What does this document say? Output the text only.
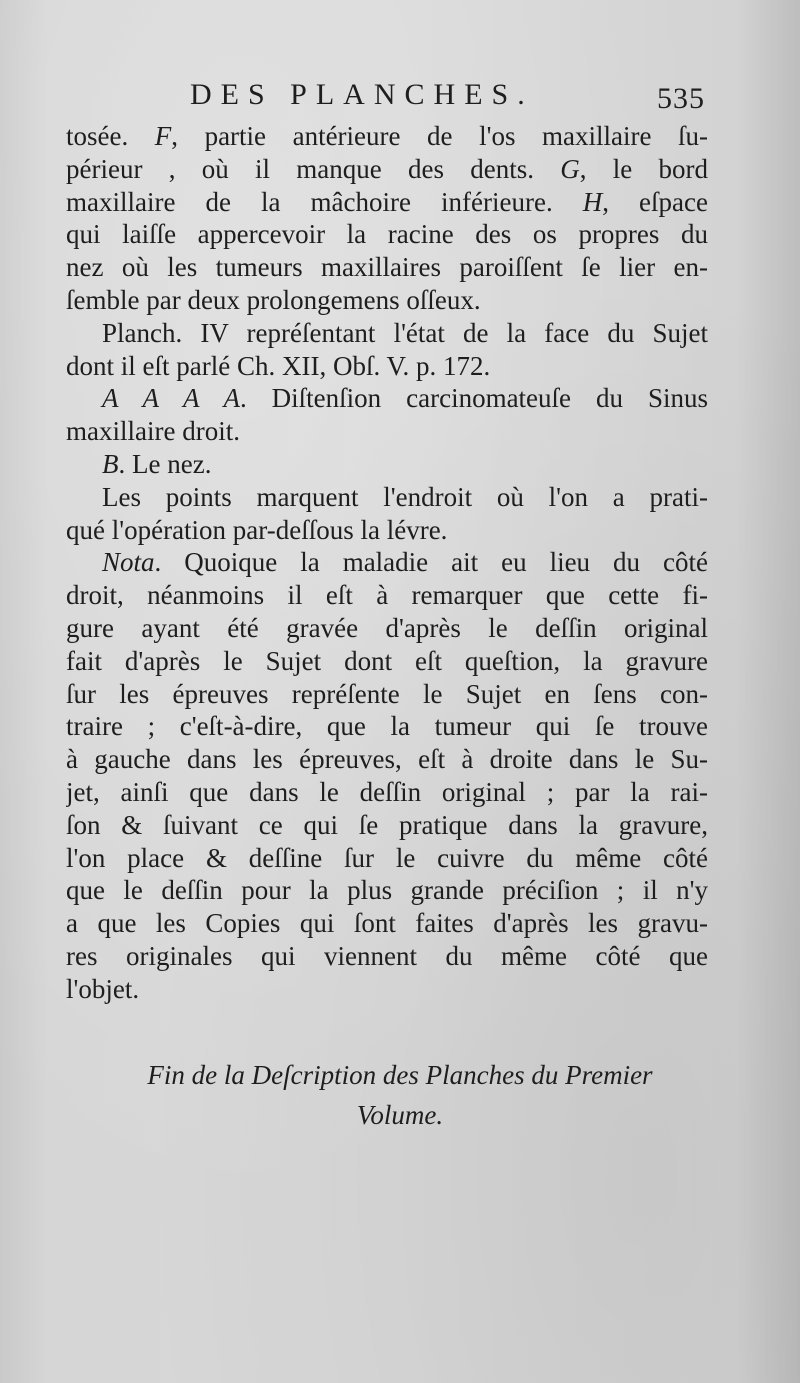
DES PLANCHES.	535
tosée. F, partie antérieure de l'os maxillaire ſu-
périeur , où il manque des dents. G, le bord
maxillaire de la mâchoire inférieure. H, eſpace
qui laiſſe appercevoir la racine des os propres du
nez où les tumeurs maxillaires paroiſſent ſe lier en-
ſemble par deux prolongemens oſſeux.
Planch. IV repréſentant l'état de la face du Sujet
dont il eſt parlé Ch. XII, Obſ. V. p. 172.
A A A A. Diſtenſion carcinomateuſe du Sinus
maxillaire droit.
B. Le nez.
Les points marquent l'endroit où l'on a prati-
qué l'opération par-deſſous la lévre.
Nota. Quoique la maladie ait eu lieu du côté
droit, néanmoins il eſt à remarquer que cette fi-
gure ayant été gravée d'après le deſſin original
fait d'après le Sujet dont eſt queſtion, la gravure
ſur les épreuves repréſente le Sujet en ſens con-
traire ; c'eſt-à-dire, que la tumeur qui ſe trouve
à gauche dans les épreuves, eſt à droite dans le Su-
jet, ainſi que dans le deſſin original ; par la rai-
ſon & ſuivant ce qui ſe pratique dans la gravure,
l'on place & deſſine ſur le cuivre du même côté
que le deſſin pour la plus grande préciſion ; il n'y
a que les Copies qui ſont faites d'après les gravu-
res originales qui viennent du même côté que
l'objet.
Fin de la Deſcription des Planches du Premier
Volume.
